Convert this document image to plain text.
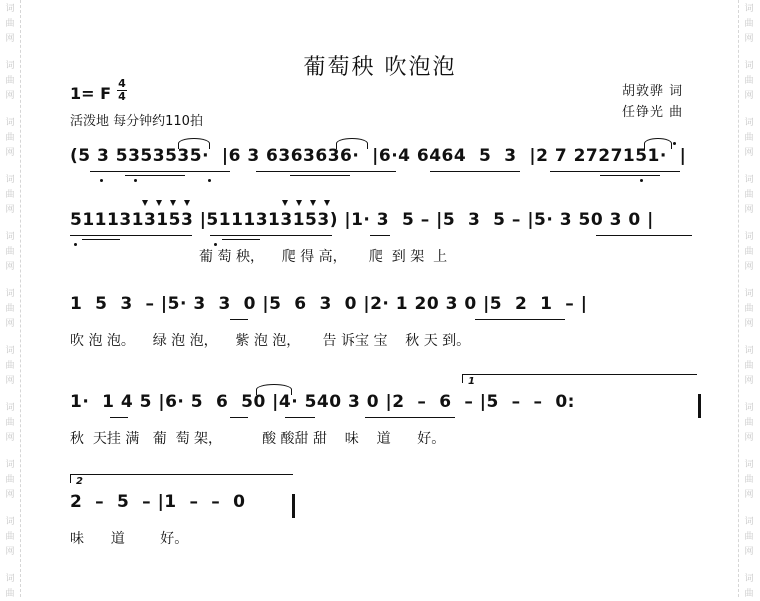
词
曲
网
词
曲
网
词
曲
网
词
曲
网
词
曲
网
词
曲
网
词
曲
网
词
曲
网
词
曲
网
词
曲
网
词
曲
词
曲
网
词
曲
网
词
曲
网
词
曲
网
词
曲
网
词
曲
网
词
曲
网
词
曲
网
词
曲
网
词
曲
网
词
曲
葡萄秧 吹泡泡
1= F
4
4
活泼地 每分钟约110拍
胡敦骅 词
任铮光 曲
(5 3 5353535·  |6 3 6363636·  |6·4 6464  5  3  |2 7 2727151·  |
5111313153 |5111313153) |1· 3  5 – |5  3  5 – |5· 3 50 3 0 |
葡 萄 秧，    爬 得 高，     爬  到 架  上
1  5  3  – |5· 3  3  0 |5  6  3  0 |2· 1 20 3 0 |5  2  1  – |
吹 泡 泡。    绿 泡 泡，    紫 泡 泡，     告 诉宝 宝    秋 天 到。
1·  1 4 5 |6· 5  6  50 |4· 540 3 0 |2  –  6  – |5  –  –  0:
秋  天挂 满   葡  萄 架，         酸 酸甜 甜    味    道      好。
1
2  –  5  – |1  –  –  0
味      道        好。
2
